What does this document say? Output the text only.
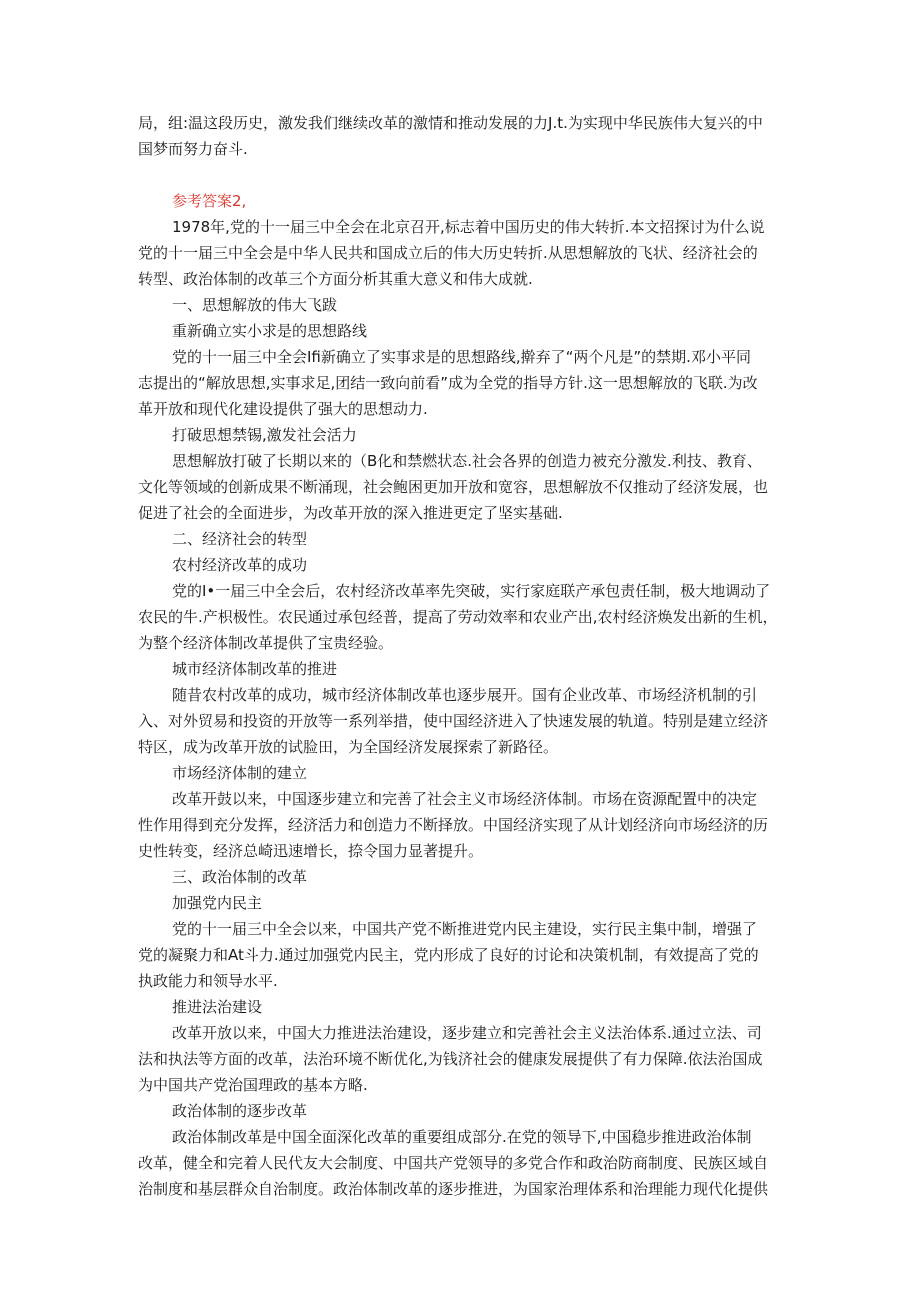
局，组:温这段历史，激发我们继续改革的激情和推动发展的力J.t.为实现中华民族伟大复兴的中
国梦而努力奋斗.
参考答案2,
1978年,党的十一届三中全会在北京召开,标志着中国历史的伟大转折.本文招探讨为什么说
党的十一届三中全会是中华人民共和国成立后的伟大历史转折.从思想解放的飞状、经济社会的
转型、政治体制的改革三个方面分析其重大意义和伟大成就.
一、思想解放的伟大飞跋
重新确立实小求是的思想路线
党的十一届三中全会Ifi新确立了实事求是的思想路线,擀弃了“两个凡是”的禁期.邓小平同
志提出的“解放思想,实事求足,团结一致向前看”成为全党的指导方针.这一思想解放的飞联.为改
革开放和现代化建设提供了强大的思想动力.
打破思想禁锡,激发社会活力
思想解放打破了长期以来的（B化和禁燃状态.社会各界的创造力被充分激发.利技、教育、
文化等领域的创新成果不断涌现，社会鲍困更加开放和宽容，思想解放不仅推动了经济发展，也
促进了社会的全面进步，为改革开放的深入推进更定了坚实基础.
二、经济社会的转型
农村经济改革的成功
党的I•一届三中全会后，农村经济改革率先突破，实行家庭联产承包责任制，极大地调动了
农民的牛.产枳极性。农民通过承包经普，提高了劳动效率和农业产出,农村经济焕发出新的生机，
为整个经济体制改革提供了宝贵经验。
城市经济体制改革的推进
随昔农村改革的成功，城市经济体制改革也逐步展开。国有企业改革、市场经济机制的引
入、对外贸易和投资的开放等一系列举措，使中国经济进入了快速发展的轨道。特别是建立经济
特区，成为改革开放的试脸田，为全国经济发展探索了新路径。
市场经济体制的建立
改革开鼓以来，中国逐步建立和完善了社会主义市场经济体制。市场在资源配置中的决定
性作用得到充分发挥，经济活力和创造力不断择放。中国经济实现了从计划经济向市场经济的历
史性转变，经济总崎迅速增长，捺令国力显著提升。
三、政治体制的改革
加强党内民主
党的十一届三中全会以来，中国共产党不断推进党内民主建设，实行民主集中制，增强了
党的凝聚力和At斗力.通过加强党内民主，党内形成了良好的讨论和决策机制，有效提高了党的
执政能力和领导水平.
推进法治建设
改革开放以来，中国大力推进法治建设，逐步建立和完善社会主义法治体系.通过立法、司
法和执法等方面的改革，法治环境不断优化,为钱济社会的健康发展提供了有力保障.依法治国成
为中国共产党治国理政的基本方略.
政治体制的逐步改革
政治体制改革是中国全面深化改革的重要组成部分.在党的领导下,中国稳步推进政治体制
改革，健全和完着人民代友大会制度、中国共产党领导的多党合作和政治防商制度、民族区域自
治制度和基层群众自治制度。政治体制改革的逐步推进，为国家治理体系和治理能力现代化提供
